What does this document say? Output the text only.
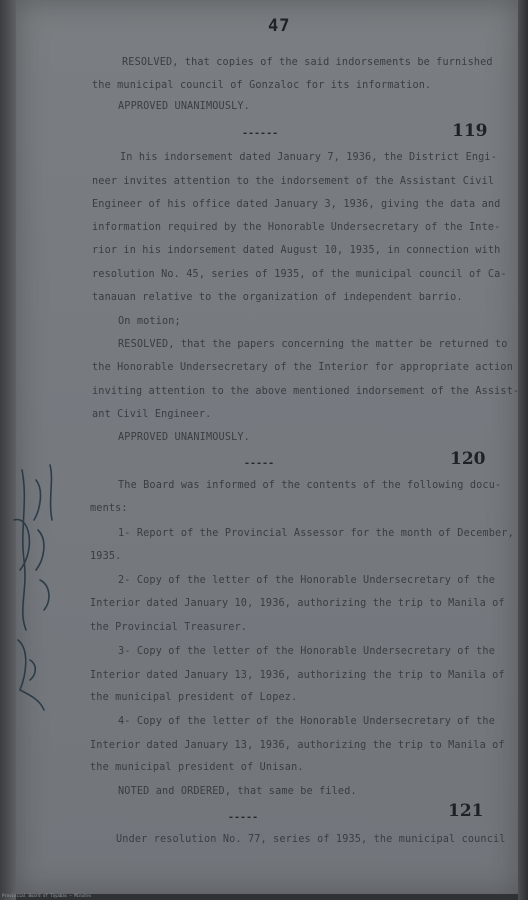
47
RESOLVED, that copies of the said indorsements be furnished
the municipal council of Gonzaloc for its information.
APPROVED UNANIMOUSLY.
------	119
In his indorsement dated January 7, 1936, the District Engi-
neer invites attention to the indorsement of the Assistant Civil
Engineer of his office dated January 3, 1936, giving the data and
information required by the Honorable Undersecretary of the Inte-
rior in his indorsement dated August 10, 1935, in connection with
resolution No. 45, series of 1935, of the municipal council of Ca-
tanauan relative to the organization of independent barrio.
On motion;
RESOLVED, that the papers concerning the matter be returned to
the Honorable Undersecretary of the Interior for appropriate action
inviting attention to the above mentioned indorsement of the Assist-
ant Civil Engineer.
APPROVED UNANIMOUSLY.
-----	120
The Board was informed of the contents of the following docu-
ments:
1- Report of the Provincial Assessor for the month of December,
1935.
2- Copy of the letter of the Honorable Undersecretary of the
Interior dated January 10, 1936, authorizing the trip to Manila of
the Provincial Treasurer.
3- Copy of the letter of the Honorable Undersecretary of the
Interior dated January 13, 1936, authorizing the trip to Manila of
the municipal president of Lopez.
4- Copy of the letter of the Honorable Undersecretary of the
Interior dated January 13, 1936, authorizing the trip to Manila of
the municipal president of Unisan.
NOTED and ORDERED, that same be filed.
-----	121
Under resolution No. 77, series of 1935, the municipal council
Provincial Board of Tayabas — Minutes
